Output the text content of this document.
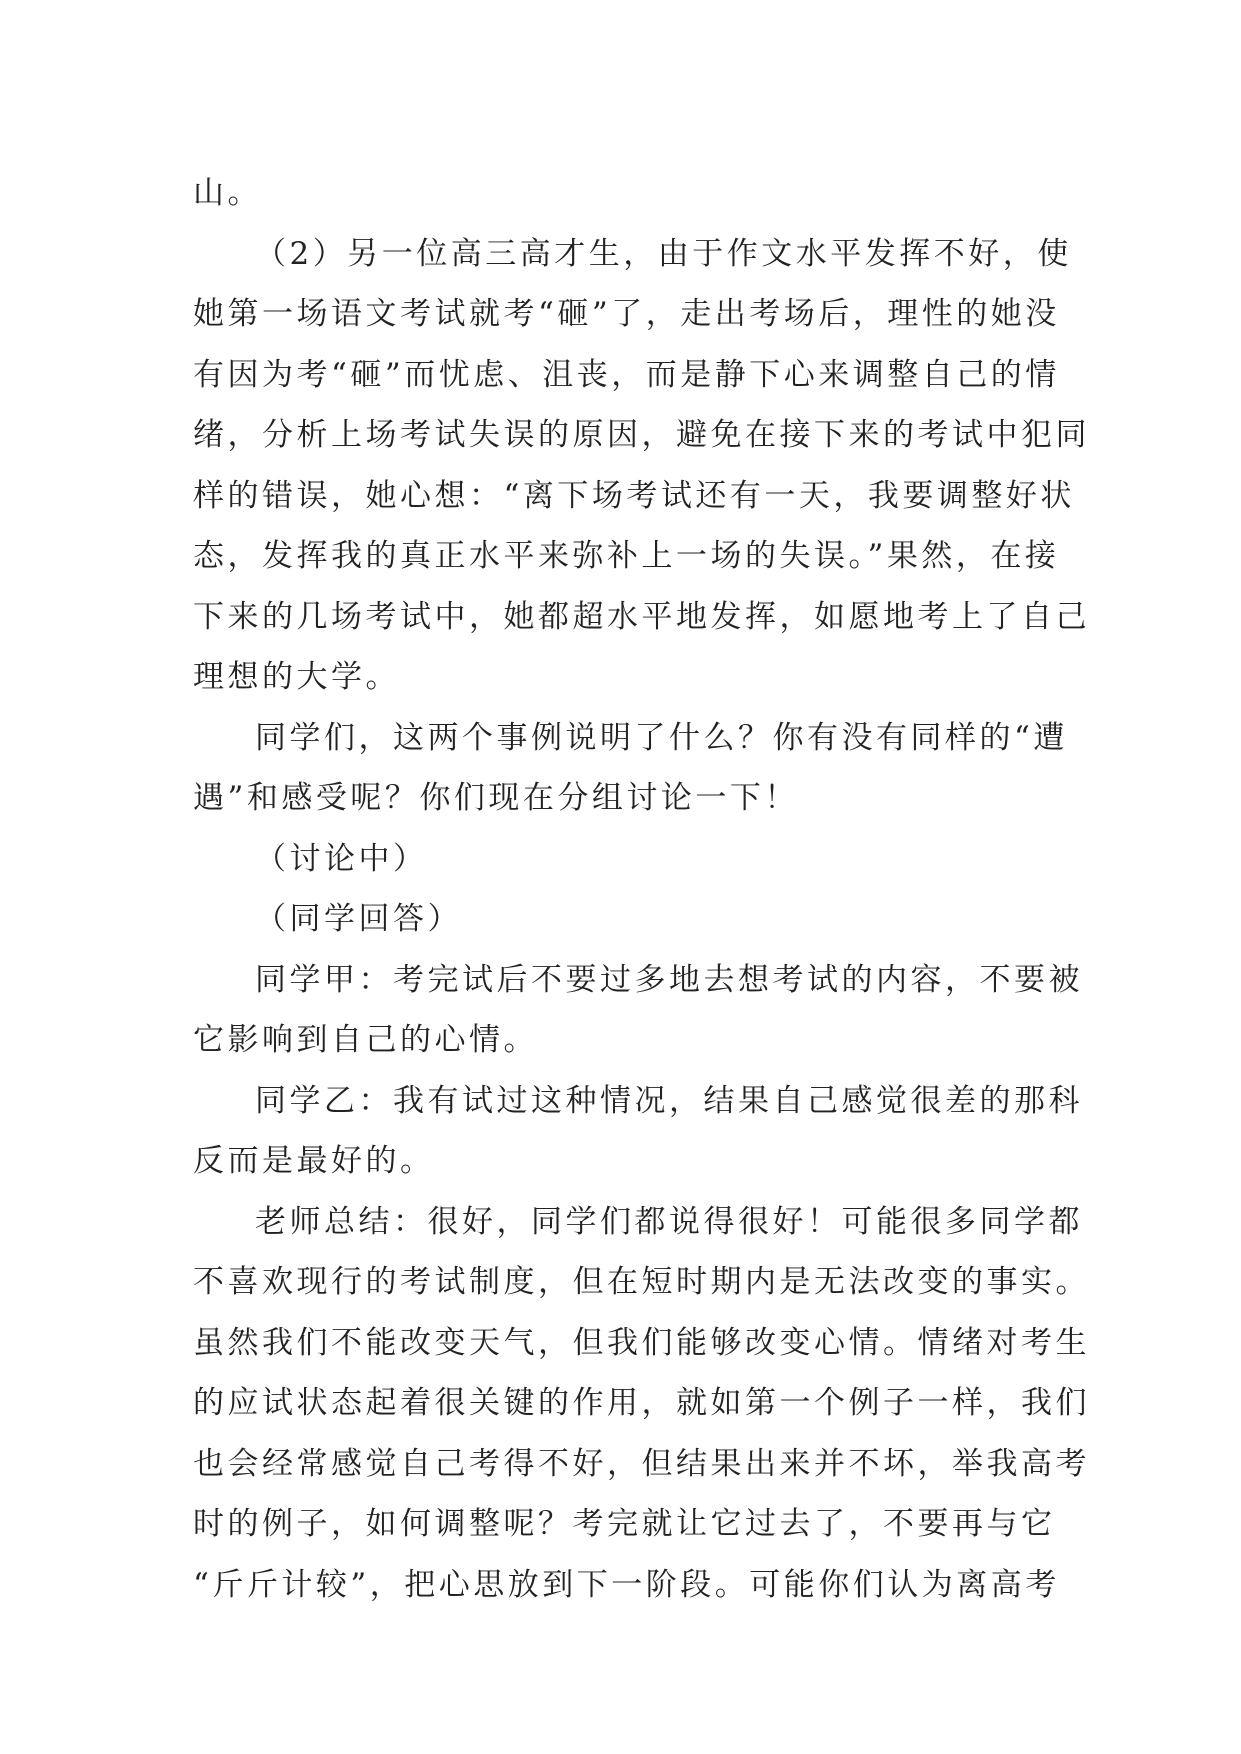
山。
（2）另一位高三高才生，由于作文水平发挥不好，使
她第一场语文考试就考“砸”了，走出考场后，理性的她没
有因为考“砸”而忧虑、沮丧，而是静下心来调整自己的情
绪，分析上场考试失误的原因，避免在接下来的考试中犯同
样的错误，她心想：“离下场考试还有一天，我要调整好状
态，发挥我的真正水平来弥补上一场的失误。”果然，在接
下来的几场考试中，她都超水平地发挥，如愿地考上了自己
理想的大学。
同学们，这两个事例说明了什么？你有没有同样的“遭
遇”和感受呢？你们现在分组讨论一下！
（讨论中）
（同学回答）
同学甲：考完试后不要过多地去想考试的内容，不要被
它影响到自己的心情。
同学乙：我有试过这种情况，结果自己感觉很差的那科
反而是最好的。
老师总结：很好，同学们都说得很好！可能很多同学都
不喜欢现行的考试制度，但在短时期内是无法改变的事实。
虽然我们不能改变天气，但我们能够改变心情。情绪对考生
的应试状态起着很关键的作用，就如第一个例子一样，我们
也会经常感觉自己考得不好，但结果出来并不坏，举我高考
时的例子，如何调整呢？考完就让它过去了，不要再与它
“斤斤计较”，把心思放到下一阶段。可能你们认为离高考
